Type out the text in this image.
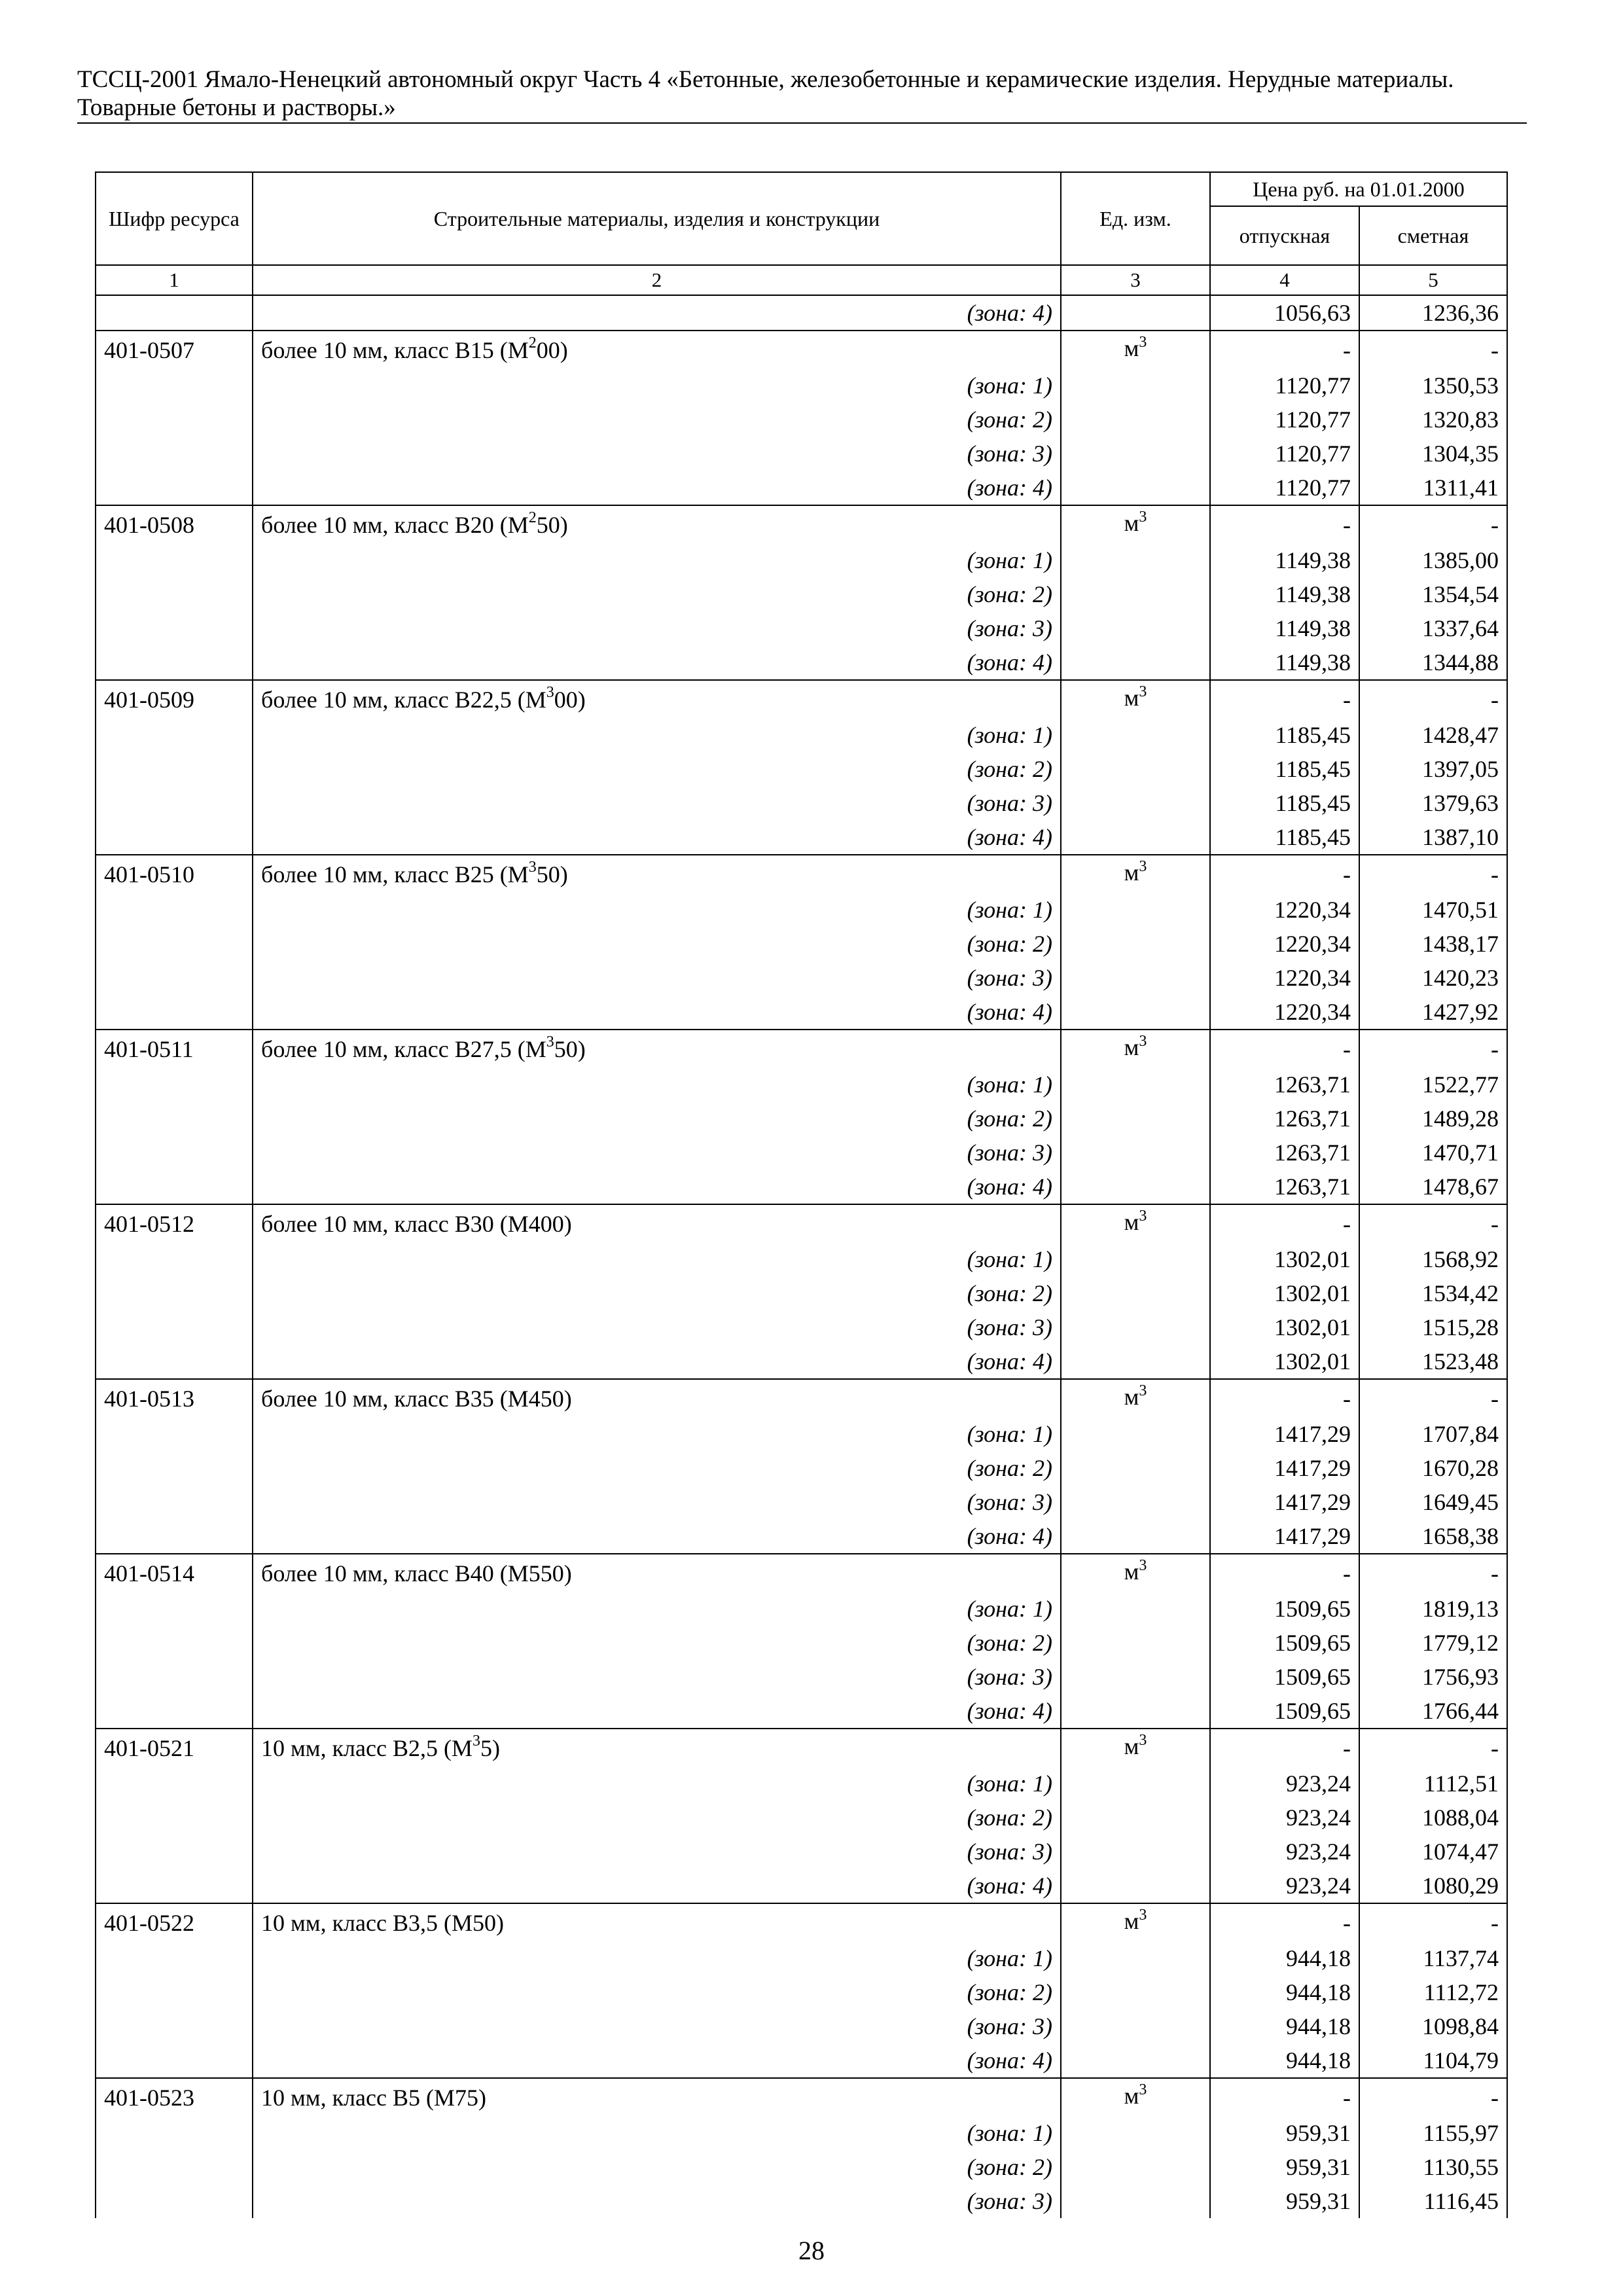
ТССЦ-2001 Ямало-Ненецкий автономный округ Часть 4 «Бетонные, железобетонные и керамические изделия. Нерудные материалы.
Товарные бетоны и растворы.»
Шифр ресурса	Строительные материалы, изделия и конструкции	Ед. изм.	Цена руб. на 01.01.2000	
			отпускная	сметная
1	2	3	4	5
	(зона: 4)		1056,63	1236,36
401-0507	более 10 мм, класс В15 $(М^200)$	$м^3$	-	-
	(зона: 1)		1120,77	1350,53
	(зона: 2)		1120,77	1320,83
	(зона: 3)		1120,77	1304,35
	(зона: 4)		1120,77	1311,41
401-0508	более 10 мм, класс В20 $(М^250)$	$м^3$	-	-
	(зона: 1)		1149,38	1385,00
	(зона: 2)		1149,38	1354,54
	(зона: 3)		1149,38	1337,64
	(зона: 4)		1149,38	1344,88
401-0509	более 10 мм, класс В22,5 $(М^300)$	$м^3$	-	-
	(зона: 1)		1185,45	1428,47
	(зона: 2)		1185,45	1397,05
	(зона: 3)		1185,45	1379,63
	(зона: 4)		1185,45	1387,10
401-0510	более 10 мм, класс В25 $(М^350)$	$м^3$	-	-
	(зона: 1)		1220,34	1470,51
	(зона: 2)		1220,34	1438,17
	(зона: 3)		1220,34	1420,23
	(зона: 4)		1220,34	1427,92
401-0511	более 10 мм, класс В27,5 $(М^350)$	$м^3$	-	-
	(зона: 1)		1263,71	1522,77
	(зона: 2)		1263,71	1489,28
	(зона: 3)		1263,71	1470,71
	(зона: 4)		1263,71	1478,67
401-0512	более 10 мм, класс В30 (М400)	$м^3$	-	-
	(зона: 1)		1302,01	1568,92
	(зона: 2)		1302,01	1534,42
	(зона: 3)		1302,01	1515,28
	(зона: 4)		1302,01	1523,48
401-0513	более 10 мм, класс В35 (М450)	$м^3$	-	-
	(зона: 1)		1417,29	1707,84
	(зона: 2)		1417,29	1670,28
	(зона: 3)		1417,29	1649,45
	(зона: 4)		1417,29	1658,38
401-0514	более 10 мм, класс В40 (М550)	$м^3$	-	-
	(зона: 1)		1509,65	1819,13
	(зона: 2)		1509,65	1779,12
	(зона: 3)		1509,65	1756,93
	(зона: 4)		1509,65	1766,44
401-0521	10 мм, класс В2,5 $(М^35)$	$м^3$	-	-
	(зона: 1)		923,24	1112,51
	(зона: 2)		923,24	1088,04
	(зона: 3)		923,24	1074,47
	(зона: 4)		923,24	1080,29
401-0522	10 мм, класс В3,5 (М50)	$м^3$	-	-
	(зона: 1)		944,18	1137,74
	(зона: 2)		944,18	1112,72
	(зона: 3)		944,18	1098,84
	(зона: 4)		944,18	1104,79
401-0523	10 мм, класс В5 (М75)	$м^3$	-	-
	(зона: 1)		959,31	1155,97
	(зона: 2)		959,31	1130,55
	(зона: 3)		959,31	1116,45
28
